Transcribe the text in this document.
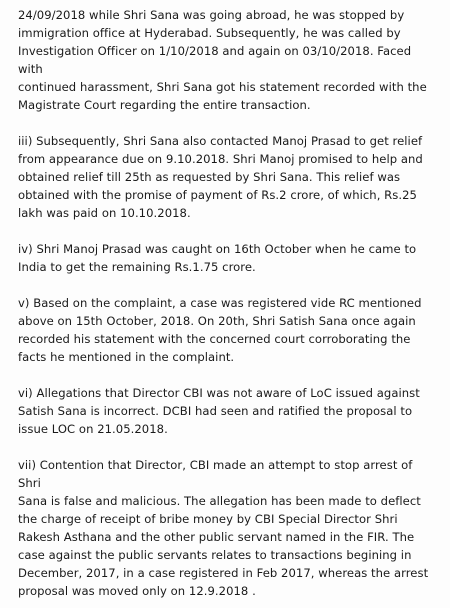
24/09/2018 while Shri Sana was going abroad, he was stopped by
immigration office at Hyderabad. Subsequently, he was called by
Investigation Officer on 1/10/2018 and again on 03/10/2018. Faced with
continued harassment, Shri Sana got his statement recorded with the
Magistrate Court regarding the entire transaction.

iii) Subsequently, Shri Sana also contacted Manoj Prasad to get relief
from appearance due on 9.10.2018. Shri Manoj promised to help and
obtained relief till 25th as requested by Shri Sana. This relief was
obtained with the promise of payment of Rs.2 crore, of which, Rs.25
lakh was paid on 10.10.2018.

iv) Shri Manoj Prasad was caught on 16th October when he came to
India to get the remaining Rs.1.75 crore.

v) Based on the complaint, a case was registered vide RC mentioned
above on 15th October, 2018. On 20th, Shri Satish Sana once again
recorded his statement with the concerned court corroborating the
facts he mentioned in the complaint.

vi) Allegations that Director CBI was not aware of LoC issued against
Satish Sana is incorrect. DCBI had seen and ratified the proposal to
issue LOC on 21.05.2018.

vii) Contention that Director, CBI made an attempt to stop arrest of Shri
Sana is false and malicious. The allegation has been made to deflect
the charge of receipt of bribe money by CBI Special Director Shri
Rakesh Asthana and the other public servant named in the FIR. The
case against the public servants relates to transactions begining in
December, 2017, in a case registered in Feb 2017, whereas the arrest
proposal was moved only on 12.9.2018 .
